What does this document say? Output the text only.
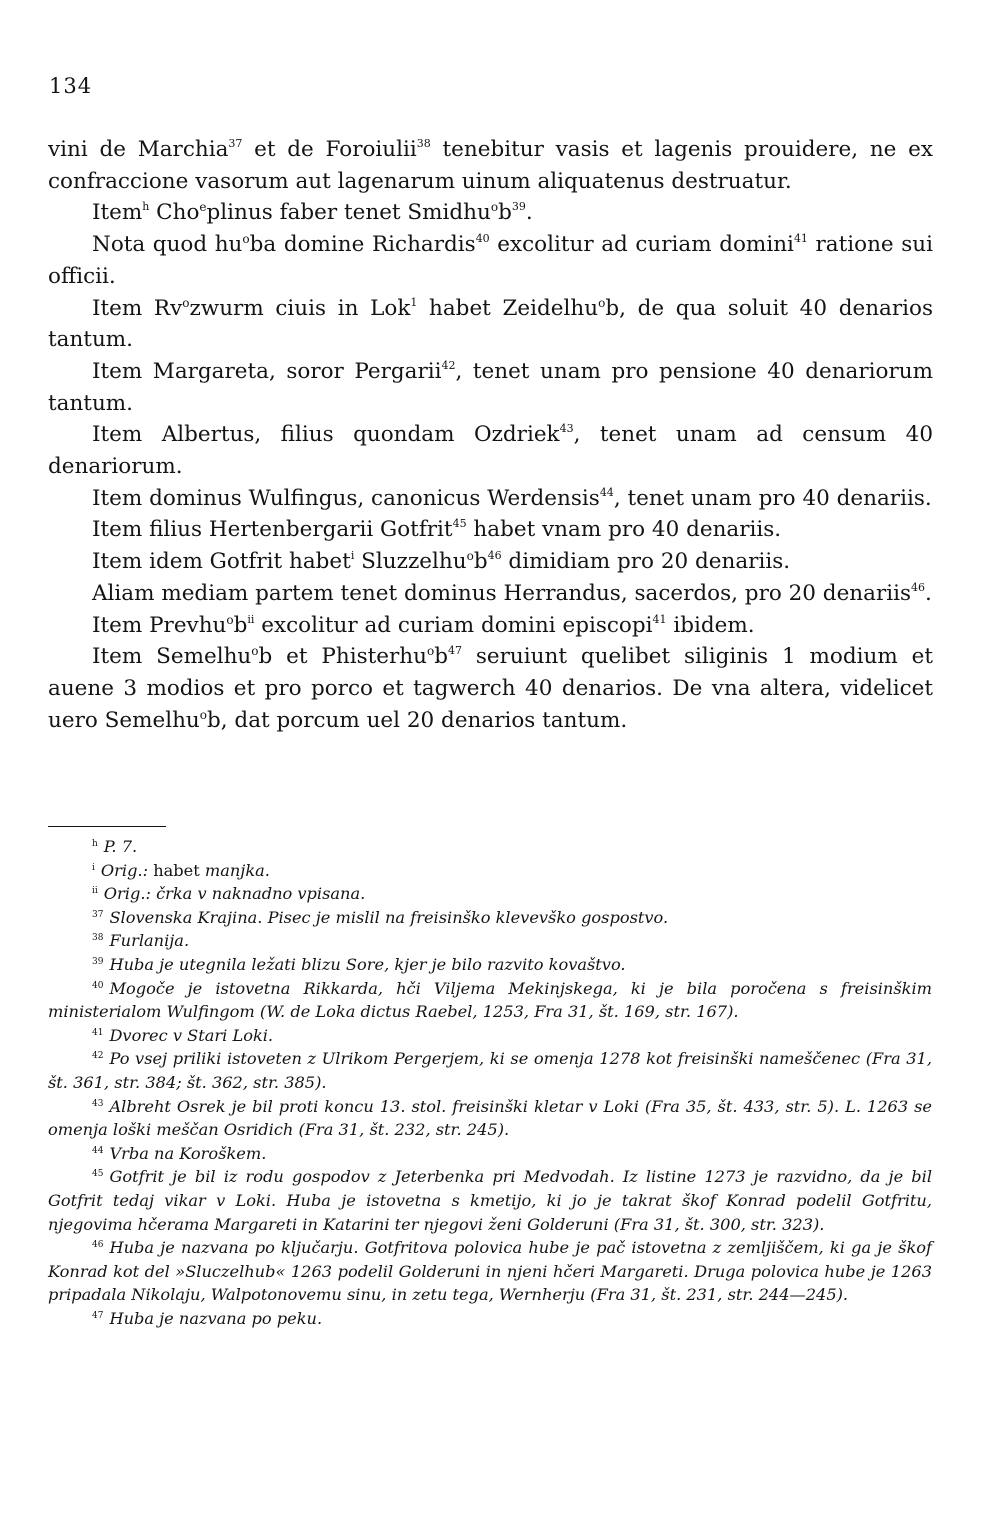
134

vini de Marchia$^{37}$ et de Foroiulii$^{38}$ tenebitur vasis et lagenis prouidere, ne ex confraccione vasorum aut lagenarum uinum aliquatenus destruatur.

Item$^h$ Cho$^e$plinus faber tenet $Smidhu^ob^{39}$.

Nota quod $hu^oba$ domine Richardis$^{40}$ excolitur ad curiam domini$^{41}$ ratione sui officii.

Item Rv$^o$zwurm ciuis in Lok$^1$ habet Zeidelhu$^o$b, de qua soluit 40 denarios tantum.

Item Margareta, soror Pergarii$^{42}$, tenet unam pro pensione 40 denariorum tantum.

Item Albertus, filius quondam Ozdriek$^{43}$, tenet unam ad censum 40 denariorum.

Item dominus Wulfingus, canonicus Werdensis$^{44}$, tenet unam pro 40 denariis.

Item filius Hertenbergarii Gotfrit$^{45}$ habet vnam pro 40 denariis.

Item idem Gotfrit habet$^i$ $Sluzzelhu^ob^{46}$ dimidiam pro 20 denariis.

Aliam mediam partem tenet dominus Herrandus, sacerdos, pro 20 denariis$^{46}$.

Item $Prevhu^ob^{ii}$ excolitur ad curiam domini episcopi$^{41}$ ibidem.

Item Semelhu$^o$b et $Phisterhu^ob^{47}$ seruiunt quelibet siliginis 1 modium et auene 3 modios et pro porco et tagwerch 40 denarios. De vna altera, videlicet uero Semelhu$^o$b, dat porcum uel 20 denarios tantum.

$^h$ P. 7.

$^i$ Orig.: habet manjka.

$^{ii}$ Orig.: črka v naknadno vpisana.

$^{37}$ Slovenska Krajina. Pisec je mislil na freisinško klevevško gospostvo.

$^{38}$ Furlanija.

$^{39}$ Huba je utegnila ležati blizu Sore, kjer je bilo razvito kovaštvo.

$^{40}$ Mogoče je istovetna Rikkarda, hči Viljema Mekinjskega, ki je bila poročena s freisinškim ministerialom Wulfingom (W. de Loka dictus Raebel, 1253, Fra 31, št. 169, str. 167).

$^{41}$ Dvorec v Stari Loki.

$^{42}$ Po vsej priliki istoveten z Ulrikom Pergerjem, ki se omenja 1278 kot freisinški nameščenec (Fra 31, št. 361, str. 384; št. 362, str. 385).

$^{43}$ Albreht Osrek je bil proti koncu 13. stol. freisinški kletar v Loki (Fra 35, št. 433, str. 5). L. 1263 se omenja loški meščan Osridich (Fra 31, št. 232, str. 245).

$^{44}$ Vrba na Koroškem.

$^{45}$ Gotfrit je bil iz rodu gospodov z Jeterbenka pri Medvodah. Iz listine 1273 je razvidno, da je bil Gotfrit tedaj vikar v Loki. Huba je istovetna s kmetijo, ki jo je takrat škof Konrad podelil Gotfritu, njegovima hčerama Margareti in Katarini ter njegovi ženi Golderuni (Fra 31, št. 300, str. 323).

$^{46}$ Huba je nazvana po ključarju. Gotfritova polovica hube je pač istovetna z zemljiščem, ki ga je škof Konrad kot del »Sluczelhub« 1263 podelil Golderuni in njeni hčeri Margareti. Druga polovica hube je 1263 pripadala Nikolaju, Walpotonovemu sinu, in zetu tega, Wernherju (Fra 31, št. 231, str. 244—245).

$^{47}$ Huba je nazvana po peku.
